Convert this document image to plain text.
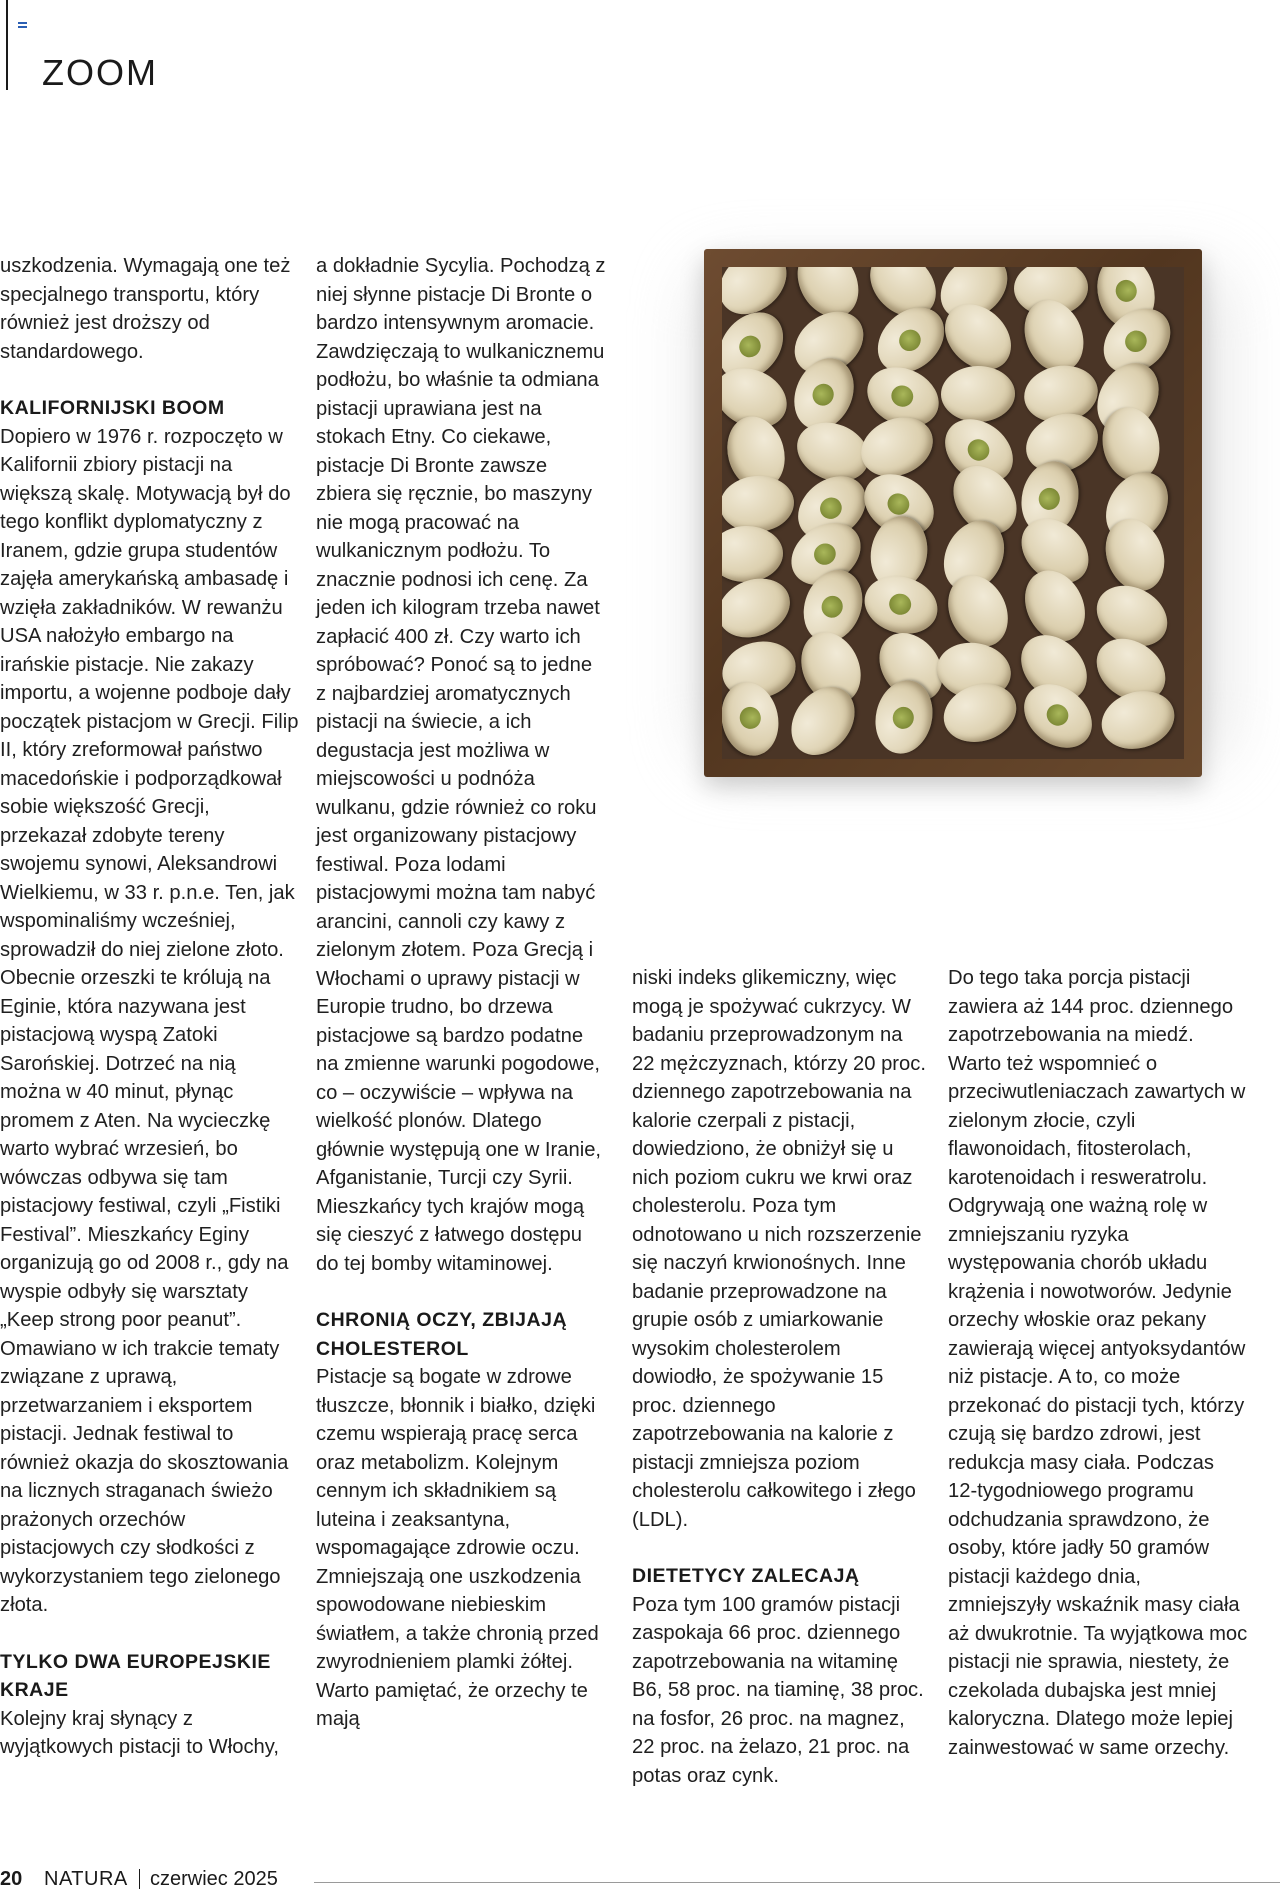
ZOOM

uszkodzenia. Wymagają one też specjalnego transportu, który również jest droższy od standardowego.

KALIFORNIJSKI BOOM

Dopiero w 1976 r. rozpoczęto w Kalifornii zbiory pistacji na większą skalę. Motywacją był do tego konflikt dyplomatyczny z Iranem, gdzie grupa studentów zajęła amerykańską ambasadę i wzięła zakładników. W rewanżu USA nałożyło embargo na irańskie pistacje. Nie zakazy importu, a wojenne podboje dały początek pistacjom w Grecji. Filip II, który zreformował państwo macedońskie i podporządkował sobie większość Grecji, przekazał zdobyte tereny swojemu synowi, Aleksandrowi Wielkiemu, w 33 r. p.n.e. Ten, jak wspominaliśmy wcześniej, sprowadził do niej zielone złoto. Obecnie orzeszki te królują na Eginie, która nazywana jest pistacjową wyspą Zatoki Sarońskiej. Dotrzeć na nią można w 40 minut, płynąc promem z Aten. Na wycieczkę warto wybrać wrzesień, bo wówczas odbywa się tam pistacjowy festiwal, czyli „Fistiki Festival”. Mieszkańcy Eginy organizują go od 2008 r., gdy na wyspie odbyły się warsztaty „Keep strong poor peanut”. Omawiano w ich trakcie tematy związane z uprawą, przetwarzaniem i eksportem pistacji. Jednak festiwal to również okazja do skosztowania na licznych straganach świeżo prażonych orzechów pistacjowych czy słodkości z wykorzystaniem tego zielonego złota.

TYLKO DWA EUROPEJSKIE KRAJE

Kolejny kraj słynący z wyjątkowych pistacji to Włochy,

a dokładnie Sycylia. Pochodzą z niej słynne pistacje Di Bronte o bardzo intensywnym aromacie. Zawdzięczają to wulkanicznemu podłożu, bo właśnie ta odmiana pistacji uprawiana jest na stokach Etny. Co ciekawe, pistacje Di Bronte zawsze zbiera się ręcznie, bo maszyny nie mogą pracować na wulkanicznym podłożu. To znacznie podnosi ich cenę. Za jeden ich kilogram trzeba nawet zapłacić 400 zł. Czy warto ich spróbować? Ponoć są to jedne z najbardziej aromatycznych pistacji na świecie, a ich degustacja jest możliwa w miejscowości u podnóża wulkanu, gdzie również co roku jest organizowany pistacjowy festiwal. Poza lodami pistacjowymi można tam nabyć arancini, cannoli czy kawy z zielonym złotem. Poza Grecją i Włochami o uprawy pistacji w Europie trudno, bo drzewa pistacjowe są bardzo podatne na zmienne warunki pogodowe, co – oczywiście – wpływa na wielkość plonów. Dlatego głównie występują one w Iranie, Afganistanie, Turcji czy Syrii. Mieszkańcy tych krajów mogą się cieszyć z łatwego dostępu do tej bomby witaminowej.

CHRONIĄ OCZY, ZBIJAJĄ CHOLESTEROL

Pistacje są bogate w zdrowe tłuszcze, błonnik i białko, dzięki czemu wspierają pracę serca oraz metabolizm. Kolejnym cennym ich składnikiem są luteina i zeaksantyna, wspomagające zdrowie oczu. Zmniejszają one uszkodzenia spowodowane niebieskim światłem, a także chronią przed zwyrodnieniem plamki żółtej. Warto pamiętać, że orzechy te mają

niski indeks glikemiczny, więc mogą je spożywać cukrzycy. W badaniu przeprowadzonym na 22 mężczyznach, którzy 20 proc. dziennego zapotrzebowania na kalorie czerpali z pistacji, dowiedziono, że obniżył się u nich poziom cukru we krwi oraz cholesterolu. Poza tym odnotowano u nich rozszerzenie się naczyń krwionośnych. Inne badanie przeprowadzone na grupie osób z umiarkowanie wysokim cholesterolem dowiodło, że spożywanie 15 proc. dziennego zapotrzebowania na kalorie z pistacji zmniejsza poziom cholesterolu całkowitego i złego (LDL).

DIETETYCY ZALECAJĄ

Poza tym 100 gramów pistacji zaspokaja 66 proc. dziennego zapotrzebowania na witaminę B6, 58 proc. na tiaminę, 38 proc. na fosfor, 26 proc. na magnez, 22 proc. na żelazo, 21 proc. na potas oraz cynk.

Do tego taka porcja pistacji zawiera aż 144 proc. dziennego zapotrzebowania na miedź. Warto też wspomnieć o przeciwutleniaczach zawartych w zielonym złocie, czyli flawonoidach, fitosterolach, karotenoidach i resweratrolu. Odgrywają one ważną rolę w zmniejszaniu ryzyka występowania chorób układu krążenia i nowotworów. Jedynie orzechy włoskie oraz pekany zawierają więcej antyoksydantów niż pistacje. A to, co może przekonać do pistacji tych, którzy czują się bardzo zdrowi, jest redukcja masy ciała. Podczas 12-tygodniowego programu odchudzania sprawdzono, że osoby, które jadły 50 gramów pistacji każdego dnia, zmniejszyły wskaźnik masy ciała aż dwukrotnie. Ta wyjątkowa moc pistacji nie sprawia, niestety, że czekolada dubajska jest mniej kaloryczna. Dlatego może lepiej zainwestować w same orzechy.

20 NATURA czerwiec 2025
